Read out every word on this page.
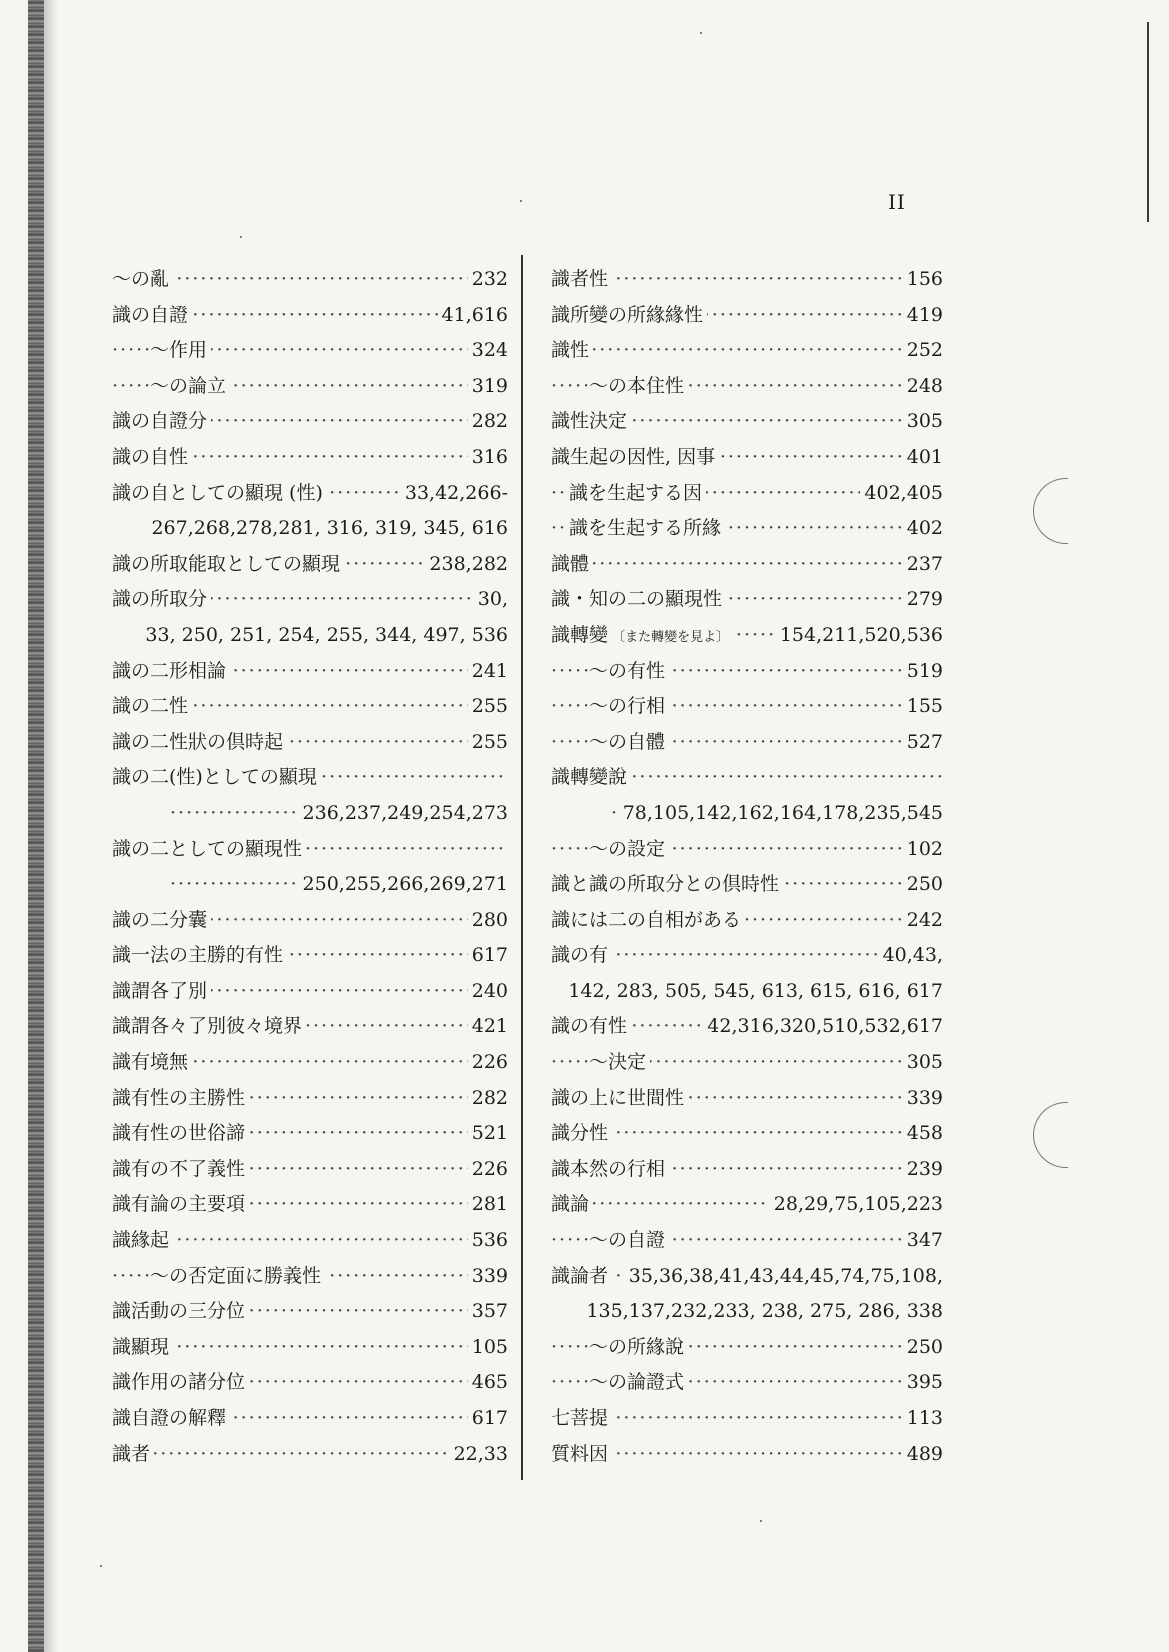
II
·····
～の亂	232
·····
識の自證	41,616
·····
～作用	324
·····
～の論立	319
·····
識の自證分	282
·····
識の自性	316
·····
識の自としての顯現 (性)	33,42,266-
267,268,278,281, 316, 319, 345, 616
·····
識の所取能取としての顯現	238,282
·····
識の所取分	30,
33, 250, 251, 254, 255, 344, 497, 536
·····
識の二形相論	241
·····
識の二性	255
·····
識の二性狀の倶時起	255
·····
識の二(性)としての顯現
·····
236,237,249,254,273
·····
識の二としての顯現性
·····
250,255,266,269,271
·····
識の二分囊	280
·····
識一法の主勝的有性	617
·····
識謂各了別	240
·····
識謂各々了別彼々境界	421
·····
識有境無	226
·····
識有性の主勝性	282
·····
識有性の世俗諦	521
·····
識有の不了義性	226
·····
識有論の主要項	281
·····
識緣起	536
·····
～の否定面に勝義性	339
·····
識活動の三分位	357
·····
識顯現	105
·····
識作用の諸分位	465
·····
識自證の解釋	617
·····
識者	22,33
·····
識者性	156
·····
識所變の所緣緣性	419
·····
識性	252
·····
～の本住性	248
·····
識性決定	305
·····
識生起の因性, 因事	401
·····
識を生起する因	402,405
·····
識を生起する所緣	402
·····
識體	237
·····
識・知の二の顯現性	279
·····
識轉變 〔また轉變を見よ〕	154,211,520,536
·····
～の有性	519
·····
～の行相	155
·····
～の自體	527
·····
識轉變說
·····
78,105,142,162,164,178,235,545
·····
～の設定	102
·····
識と識の所取分との倶時性	250
·····
識には二の自相がある	242
·····
識の有	40,43,
142, 283, 505, 545, 613, 615, 616, 617
·····
識の有性	42,316,320,510,532,617
·····
～決定	305
·····
識の上に世間性	339
·····
識分性	458
·····
識本然の行相	239
·····
識論	28,29,75,105,223
·····
～の自證	347
·····
識論者 35,36,38,41,43,44,45,74,75,108,
135,137,232,233, 238, 275, 286, 338
·····
～の所緣說	250
·····
～の論證式	395
·····
七菩提	113
·····
質料因	489
